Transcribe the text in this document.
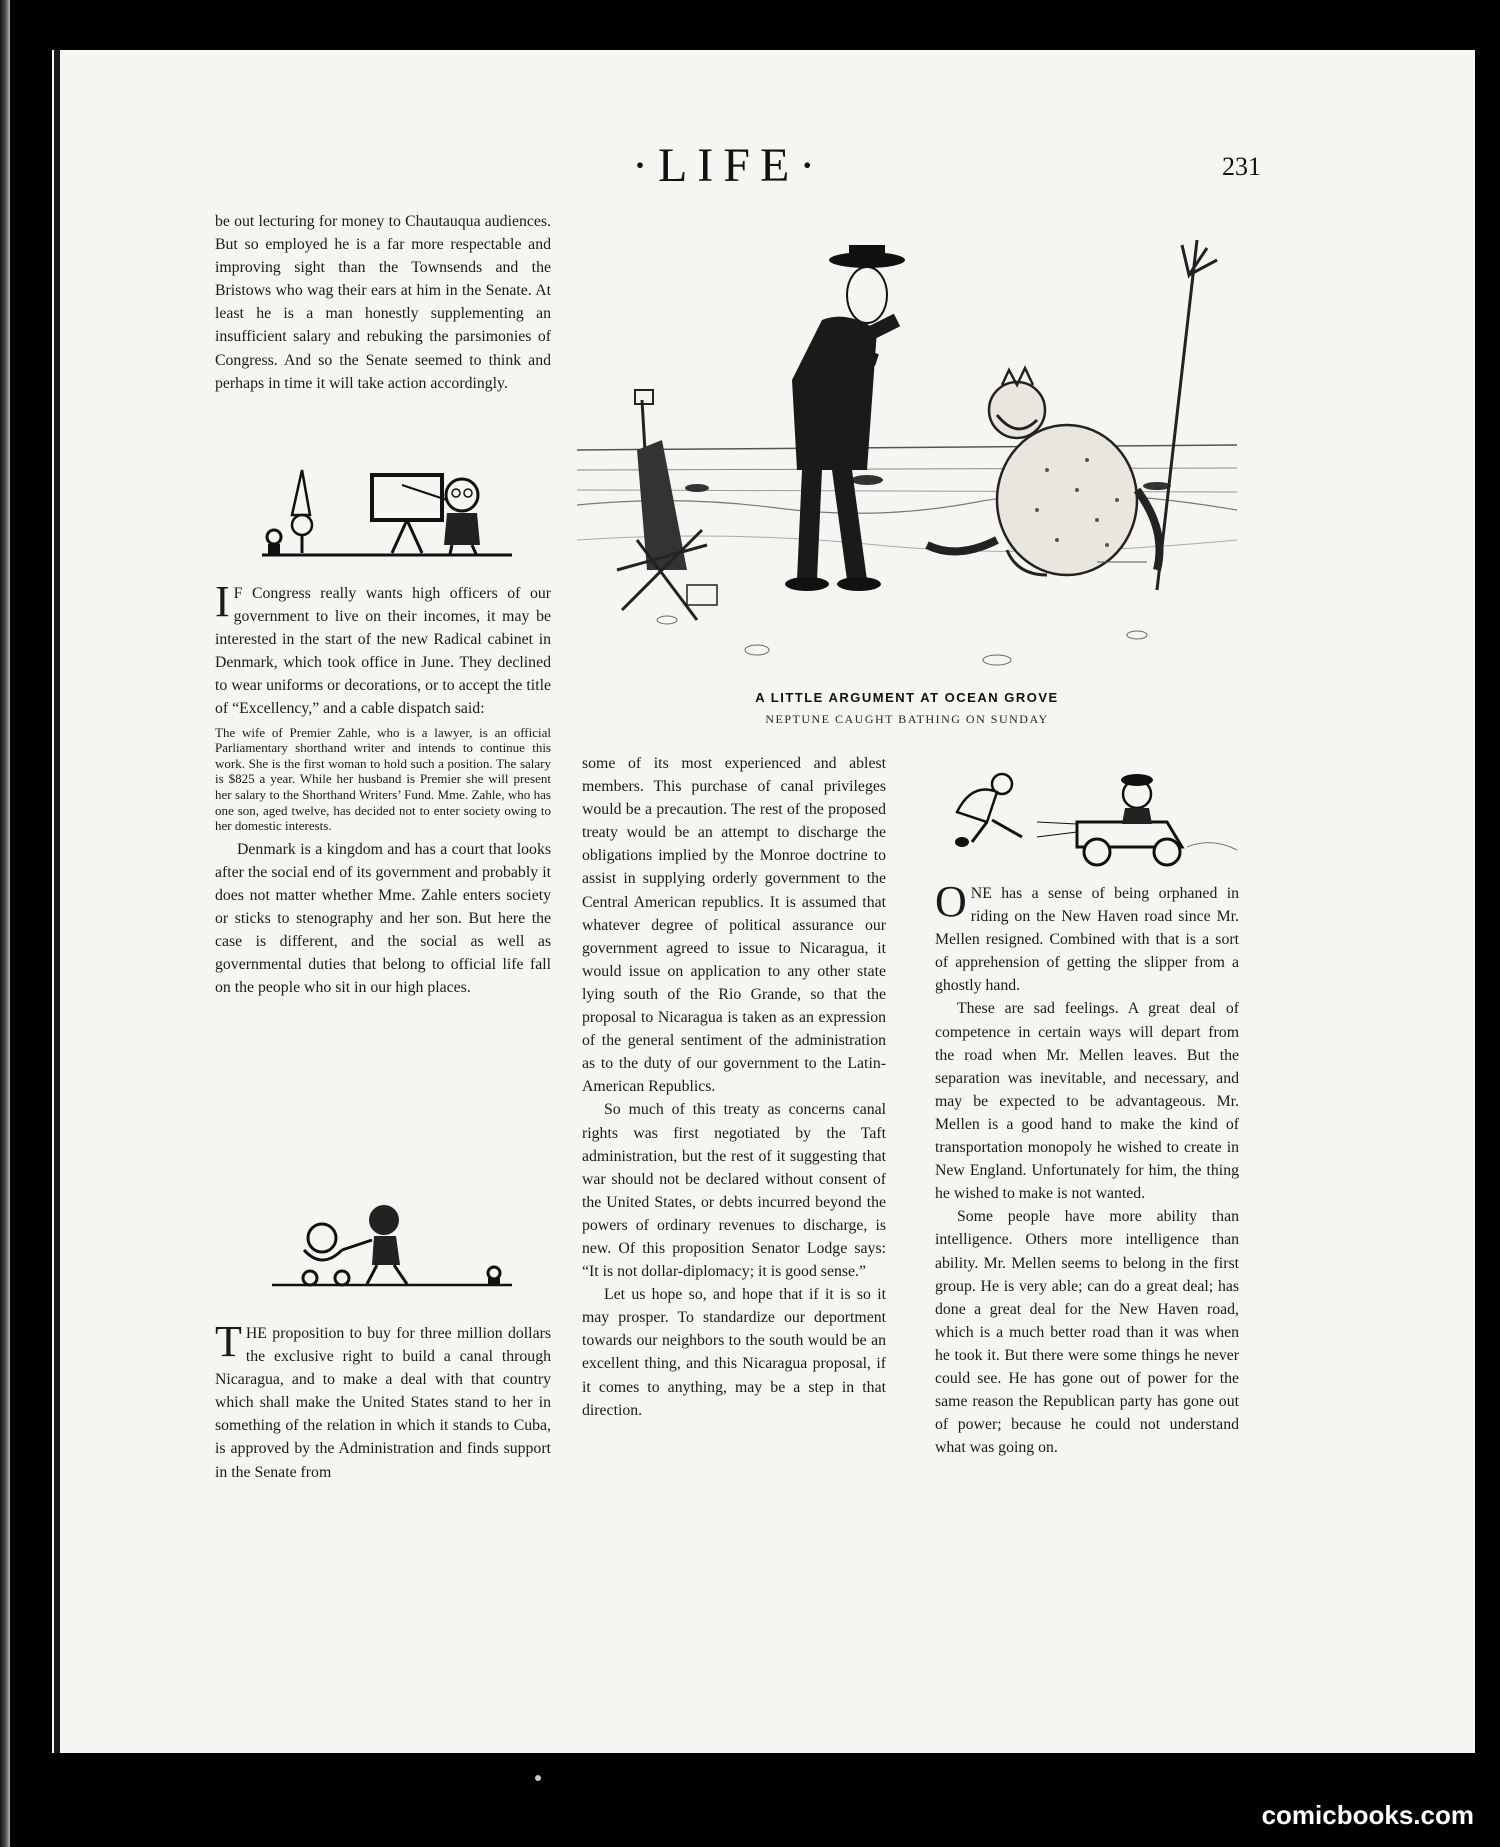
·LIFE·	231

be out lecturing for money to Chautauqua audiences. But so employed he is a far more respectable and improving sight than the Townsends and the Bristows who wag their ears at him in the Senate. At least he is a man honestly supplementing an insufficient salary and rebuking the parsimonies of Congress. And so the Senate seemed to think and perhaps in time it will take action accordingly.

IF Congress really wants high officers of our government to live on their incomes, it may be interested in the start of the new Radical cabinet in Denmark, which took office in June. They declined to wear uniforms or decorations, or to accept the title of “Excellency,” and a cable dispatch said:

The wife of Premier Zahle, who is a lawyer, is an official Parliamentary shorthand writer and intends to continue this work. She is the first woman to hold such a position. The salary is $825 a year. While her husband is Premier she will present her salary to the Shorthand Writers’ Fund. Mme. Zahle, who has one son, aged twelve, has decided not to enter society owing to her domestic interests.

Denmark is a kingdom and has a court that looks after the social end of its government and probably it does not matter whether Mme. Zahle enters society or sticks to stenography and her son. But here the case is different, and the social as well as governmental duties that belong to official life fall on the people who sit in our high places.

THE proposition to buy for three million dollars the exclusive right to build a canal through Nicaragua, and to make a deal with that country which shall make the United States stand to her in something of the relation in which it stands to Cuba, is approved by the Administration and finds support in the Senate from

A LITTLE ARGUMENT AT OCEAN GROVE
NEPTUNE CAUGHT BATHING ON SUNDAY

some of its most experienced and ablest members. This purchase of canal privileges would be a precaution. The rest of the proposed treaty would be an attempt to discharge the obligations implied by the Monroe doctrine to assist in supplying orderly government to the Central American republics. It is assumed that whatever degree of political assurance our government agreed to issue to Nicaragua, it would issue on application to any other state lying south of the Rio Grande, so that the proposal to Nicaragua is taken as an expression of the general sentiment of the administration as to the duty of our government to the Latin-American Republics.

So much of this treaty as concerns canal rights was first negotiated by the Taft administration, but the rest of it suggesting that war should not be declared without consent of the United States, or debts incurred beyond the powers of ordinary revenues to discharge, is new. Of this proposition Senator Lodge says: “It is not dollar-diplomacy; it is good sense.”

Let us hope so, and hope that if it is so it may prosper. To standardize our deportment towards our neighbors to the south would be an excellent thing, and this Nicaragua proposal, if it comes to anything, may be a step in that direction.

ONE has a sense of being orphaned in riding on the New Haven road since Mr. Mellen resigned. Combined with that is a sort of apprehension of getting the slipper from a ghostly hand.

These are sad feelings. A great deal of competence in certain ways will depart from the road when Mr. Mellen leaves. But the separation was inevitable, and necessary, and may be expected to be advantageous. Mr. Mellen is a good hand to make the kind of transportation monopoly he wished to create in New England. Unfortunately for him, the thing he wished to make is not wanted.

Some people have more ability than intelligence. Others more intelligence than ability. Mr. Mellen seems to belong in the first group. He is very able; can do a great deal; has done a great deal for the New Haven road, which is a much better road than it was when he took it. But there were some things he never could see. He has gone out of power for the same reason the Republican party has gone out of power; because he could not understand what was going on.

comicbooks.com
